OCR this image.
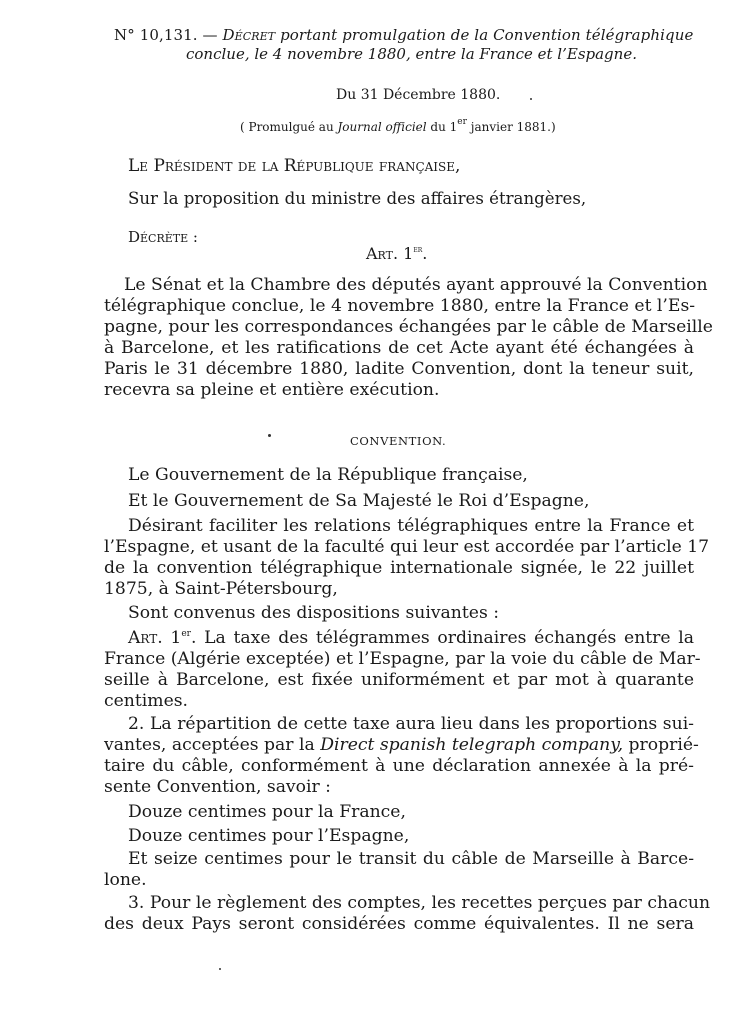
N° 10,131. — Décret portant promulgation de la Convention télégraphique
conclue, le 4 novembre 1880, entre la France et l’Espagne.
Du 31 Décembre 1880.
( Promulgué au Journal officiel du 1er janvier 1881.)
Le Président de la République française,
Sur la proposition du ministre des affaires étrangères,
Décrète :
Art. 1er.
Le Sénat et la Chambre des députés ayant approuvé la Convention
télégraphique conclue, le 4 novembre 1880, entre la France et l’Es-
pagne, pour les correspondances échangées par le câble de Marseille
à Barcelone, et les ratifications de cet Acte ayant été échangées à
Paris le 31 décembre 1880, ladite Convention, dont la teneur suit,
recevra sa pleine et entière exécution.
CONVENTION.
Le Gouvernement de la République française,
Et le Gouvernement de Sa Majesté le Roi d’Espagne,
Désirant faciliter les relations télégraphiques entre la France et
l’Espagne, et usant de la faculté qui leur est accordée par l’article 17
de la convention télégraphique internationale signée, le 22 juillet
1875, à Saint-Pétersbourg,
Sont convenus des dispositions suivantes :
Art. 1er. La taxe des télégrammes ordinaires échangés entre la
France (Algérie exceptée) et l’Espagne, par la voie du câble de Mar-
seille à Barcelone, est fixée uniformément et par mot à quarante
centimes.
2. La répartition de cette taxe aura lieu dans les proportions sui-
vantes, acceptées par la Direct spanish telegraph company, proprié-
taire du câble, conformément à une déclaration annexée à la pré-
sente Convention, savoir :
Douze centimes pour la France,
Douze centimes pour l’Espagne,
Et seize centimes pour le transit du câble de Marseille à Barce-
lone.
3. Pour le règlement des comptes, les recettes perçues par chacun
des deux Pays seront considérées comme équivalentes. Il ne sera
